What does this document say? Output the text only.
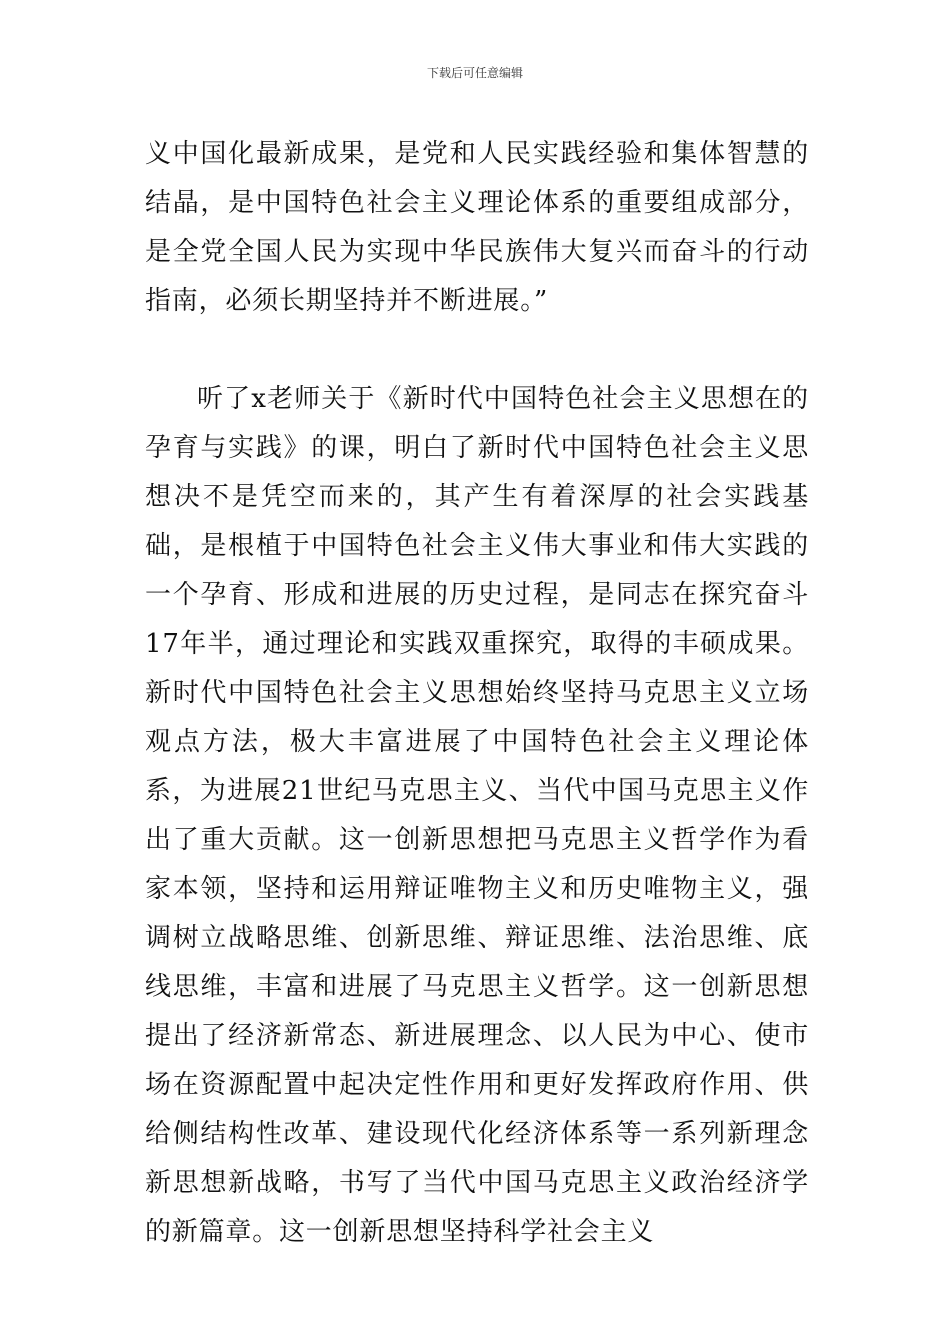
下载后可任意编辑

义中国化最新成果，是党和人民实践经验和集体智慧的结晶，是中国特色社会主义理论体系的重要组成部分，是全党全国人民为实现中华民族伟大复兴而奋斗的行动指南，必须长期坚持并不断进展。”

听了x老师关于《新时代中国特色社会主义思想在的孕育与实践》的课，明白了新时代中国特色社会主义思想决不是凭空而来的，其产生有着深厚的社会实践基础，是根植于中国特色社会主义伟大事业和伟大实践的一个孕育、形成和进展的历史过程，是同志在探究奋斗17年半，通过理论和实践双重探究，取得的丰硕成果。新时代中国特色社会主义思想始终坚持马克思主义立场观点方法，极大丰富进展了中国特色社会主义理论体系，为进展21世纪马克思主义、当代中国马克思主义作出了重大贡献。这一创新思想把马克思主义哲学作为看家本领，坚持和运用辩证唯物主义和历史唯物主义，强调树立战略思维、创新思维、辩证思维、法治思维、底线思维，丰富和进展了马克思主义哲学。这一创新思想提出了经济新常态、新进展理念、以人民为中心、使市场在资源配置中起决定性作用和更好发挥政府作用、供给侧结构性改革、建设现代化经济体系等一系列新理念新思想新战略，书写了当代中国马克思主义政治经济学的新篇章。这一创新思想坚持科学社会主义
